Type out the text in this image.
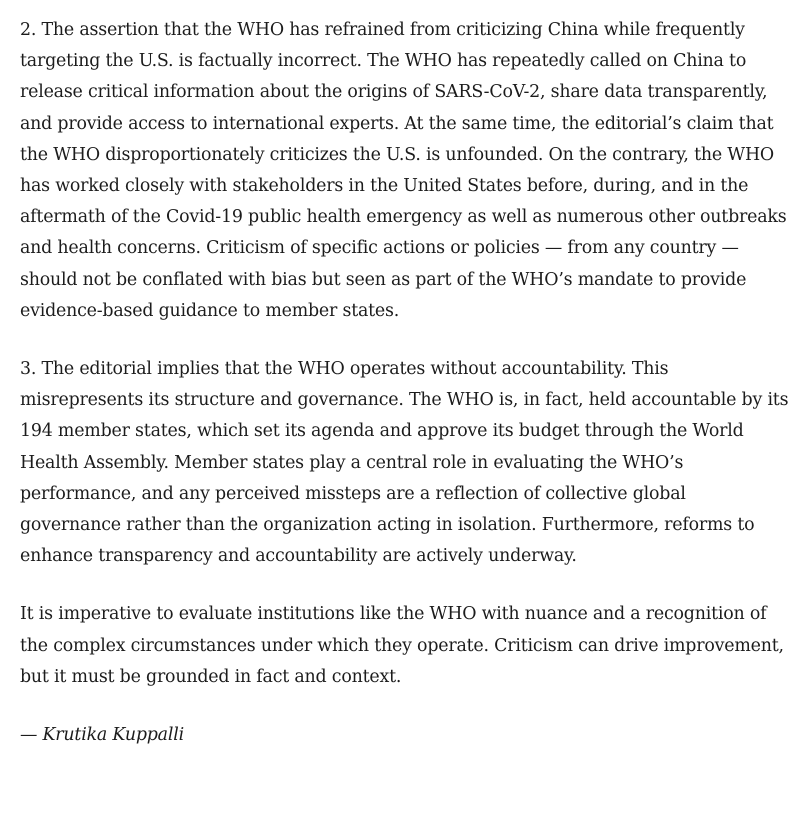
2. The assertion that the WHO has refrained from criticizing China while frequently targeting the U.S. is factually incorrect. The WHO has repeatedly called on China to release critical information about the origins of SARS-CoV-2, share data transparently, and provide access to international experts. At the same time, the editorial’s claim that the WHO disproportionately criticizes the U.S. is unfounded. On the contrary, the WHO has worked closely with stakeholders in the United States before, during, and in the aftermath of the Covid-19 public health emergency as well as numerous other outbreaks and health concerns. Criticism of specific actions or policies — from any country — should not be conflated with bias but seen as part of the WHO’s mandate to provide evidence-based guidance to member states.

3. The editorial implies that the WHO operates without accountability. This misrepresents its structure and governance. The WHO is, in fact, held accountable by its 194 member states, which set its agenda and approve its budget through the World Health Assembly. Member states play a central role in evaluating the WHO’s performance, and any perceived missteps are a reflection of collective global governance rather than the organization acting in isolation. Furthermore, reforms to enhance transparency and accountability are actively underway.

It is imperative to evaluate institutions like the WHO with nuance and a recognition of the complex circumstances under which they operate. Criticism can drive improvement, but it must be grounded in fact and context.

— Krutika Kuppalli
